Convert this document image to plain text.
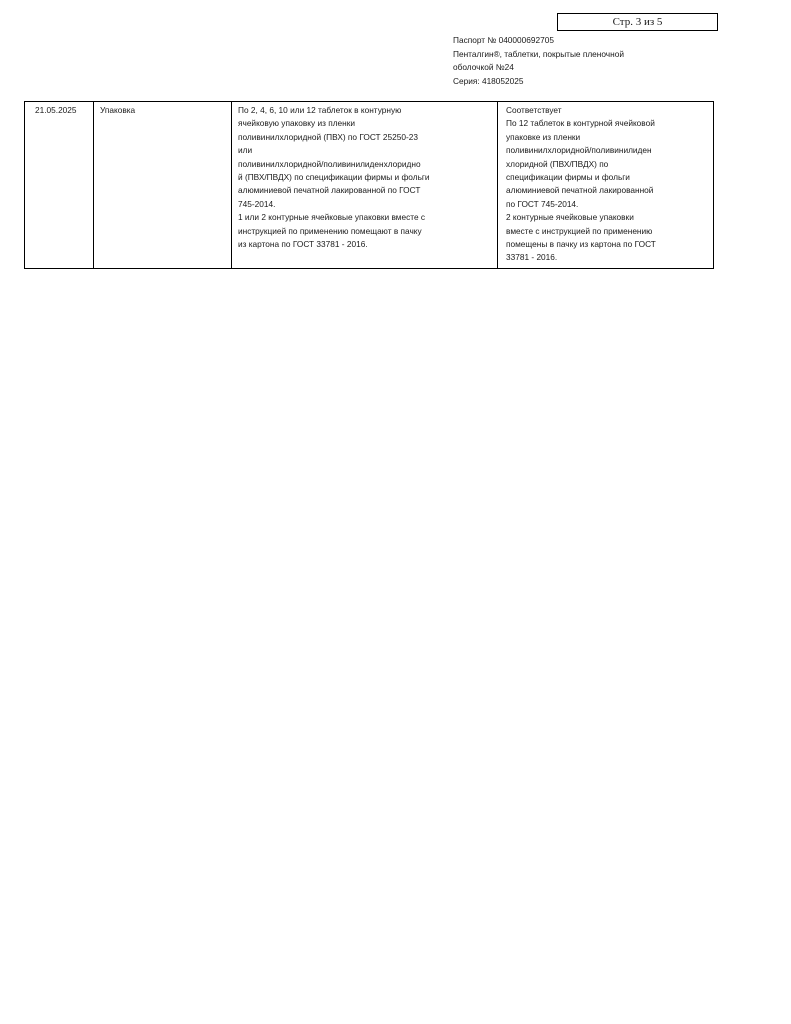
Стр. 3 из 5
Паспорт № 040000692705
Пенталгин®, таблетки, покрытые пленочной
оболочкой №24
Серия: 418052025
21.05.2025	Упаковка	По 2, 4, 6, 10 или 12 таблеток в контурную
ячейковую упаковку из пленки
поливинилхлоридной (ПВХ) по ГОСТ 25250-23
или
поливинилхлоридной/поливинилиденхлоридно
й (ПВХ/ПВДХ) по спецификации фирмы и фольги
алюминиевой печатной лакированной по ГОСТ
745-2014.
1 или 2 контурные ячейковые упаковки вместе с
инструкцией по применению помещают в пачку
из картона по ГОСТ 33781 - 2016.
Соответствует
По 12 таблеток в контурной ячейковой
упаковке из пленки
поливинилхлоридной/поливинилиден
хлоридной (ПВХ/ПВДХ) по
спецификации фирмы и фольги
алюминиевой печатной лакированной
по ГОСТ 745-2014.
2 контурные ячейковые упаковки
вместе с инструкцией по применению
помещены в пачку из картона по ГОСТ
33781 - 2016.
